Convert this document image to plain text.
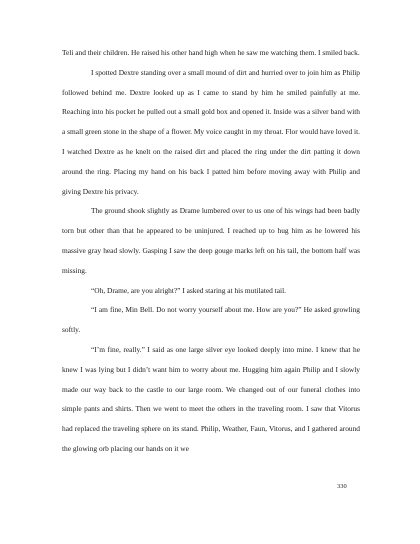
Teli and their children. He raised his other hand high when he saw me watching them. I smiled back.

I spotted Dextre standing over a small mound of dirt and hurried over to join him as Philip followed behind me. Dextre looked up as I came to stand by him he smiled painfully at me. Reaching into his pocket he pulled out a small gold box and opened it. Inside was a silver band with a small green stone in the shape of a flower. My voice caught in my throat. Flor would have loved it. I watched Dextre as he knelt on the raised dirt and placed the ring under the dirt patting it down around the ring. Placing my hand on his back I patted him before moving away with Philip and giving Dextre his privacy.

The ground shook slightly as Drame lumbered over to us one of his wings had been badly torn but other than that he appeared to be uninjured. I reached up to hug him as he lowered his massive gray head slowly. Gasping I saw the deep gouge marks left on his tail, the bottom half was missing.

“Oh, Drame, are you alright?” I asked staring at his mutilated tail.

“I am fine, Min Bell. Do not worry yourself about me. How are you?” He asked growling softly.

“I’m fine, really.” I said as one large silver eye looked deeply into mine. I knew that he knew I was lying but I didn’t want him to worry about me. Hugging him again Philip and I slowly made our way back to the castle to our large room. We changed out of our funeral clothes into simple pants and shirts. Then we went to meet the others in the traveling room. I saw that Vitorus had replaced the traveling sphere on its stand. Philip, Weather, Faun, Vitorus, and I gathered around the glowing orb placing our hands on it we

330
